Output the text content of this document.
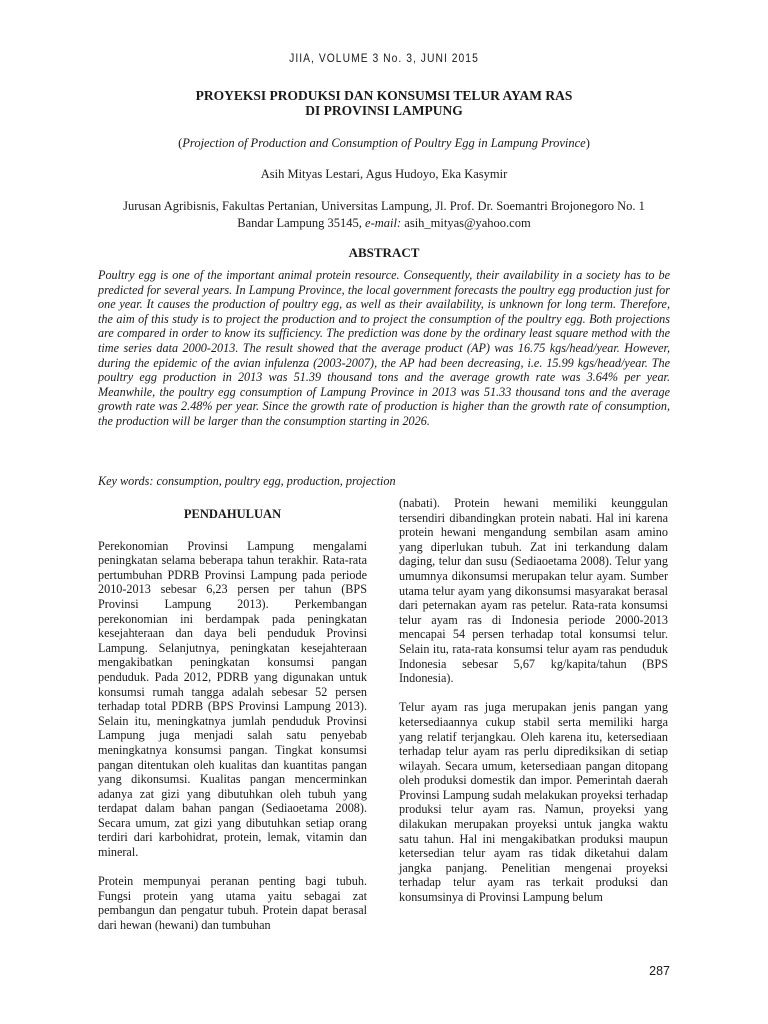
JIIA, VOLUME 3 No. 3, JUNI 2015
PROYEKSI PRODUKSI DAN KONSUMSI TELUR AYAM RAS
DI PROVINSI LAMPUNG

(Projection of Production and Consumption of Poultry Egg in Lampung Province)

Asih Mityas Lestari, Agus Hudoyo, Eka Kasymir

Jurusan Agribisnis, Fakultas Pertanian, Universitas Lampung, Jl. Prof. Dr. Soemantri Brojonegoro No. 1
Bandar Lampung 35145, e-mail: asih_mityas@yahoo.com

ABSTRACT

Poultry egg is one of the important animal protein resource. Consequently, their availability in a society has to be predicted for several years. In Lampung Province, the local government forecasts the poultry egg production just for one year. It causes the production of poultry egg, as well as their availability, is unknown for long term. Therefore, the aim of this study is to project the production and to project the consumption of the poultry egg. Both projections are compared in order to know its sufficiency. The prediction was done by the ordinary least square method with the time series data 2000-2013. The result showed that the average product (AP) was 16.75 kgs/head/year. However, during the epidemic of the avian infulenza (2003-2007), the AP had been decreasing, i.e. 15.99 kgs/head/year. The poultry egg production in 2013 was 51.39 thousand tons and the average growth rate was 3.64% per year. Meanwhile, the poultry egg consumption of Lampung Province in 2013 was 51.33 thousand tons and the average growth rate was 2.48% per year. Since the growth rate of production is higher than the growth rate of consumption, the production will be larger than the consumption starting in 2026.

Key words: consumption, poultry egg, production, projection

PENDAHULUAN

Perekonomian Provinsi Lampung mengalami peningkatan selama beberapa tahun terakhir. Rata-rata pertumbuhan PDRB Provinsi Lampung pada periode 2010-2013 sebesar 6,23 persen per tahun (BPS Provinsi Lampung 2013). Perkembangan perekonomian ini berdampak pada peningkatan kesejahteraan dan daya beli penduduk Provinsi Lampung. Selanjutnya, peningkatan kesejahteraan mengakibatkan peningkatan konsumsi pangan penduduk. Pada 2012, PDRB yang digunakan untuk konsumsi rumah tangga adalah sebesar 52 persen terhadap total PDRB (BPS Provinsi Lampung 2013). Selain itu, meningkatnya jumlah penduduk Provinsi Lampung juga menjadi salah satu penyebab meningkatnya konsumsi pangan. Tingkat konsumsi pangan ditentukan oleh kualitas dan kuantitas pangan yang dikonsumsi. Kualitas pangan mencerminkan adanya zat gizi yang dibutuhkan oleh tubuh yang terdapat dalam bahan pangan (Sediaoetama 2008). Secara umum, zat gizi yang dibutuhkan setiap orang terdiri dari karbohidrat, protein, lemak, vitamin dan mineral.

Protein mempunyai peranan penting bagi tubuh. Fungsi protein yang utama yaitu sebagai zat pembangun dan pengatur tubuh. Protein dapat berasal dari hewan (hewani) dan tumbuhan

(nabati). Protein hewani memiliki keunggulan tersendiri dibandingkan protein nabati. Hal ini karena protein hewani mengandung sembilan asam amino yang diperlukan tubuh. Zat ini terkandung dalam daging, telur dan susu (Sediaoetama 2008). Telur yang umumnya dikonsumsi merupakan telur ayam. Sumber utama telur ayam yang dikonsumsi masyarakat berasal dari peternakan ayam ras petelur. Rata-rata konsumsi telur ayam ras di Indonesia periode 2000-2013 mencapai 54 persen terhadap total konsumsi telur. Selain itu, rata-rata konsumsi telur ayam ras penduduk Indonesia sebesar 5,67 kg/kapita/tahun (BPS Indonesia).

Telur ayam ras juga merupakan jenis pangan yang ketersediaannya cukup stabil serta memiliki harga yang relatif terjangkau. Oleh karena itu, ketersediaan terhadap telur ayam ras perlu diprediksikan di setiap wilayah. Secara umum, ketersediaan pangan ditopang oleh produksi domestik dan impor. Pemerintah daerah Provinsi Lampung sudah melakukan proyeksi terhadap produksi telur ayam ras. Namun, proyeksi yang dilakukan merupakan proyeksi untuk jangka waktu satu tahun. Hal ini mengakibatkan produksi maupun ketersedian telur ayam ras tidak diketahui dalam jangka panjang. Penelitian mengenai proyeksi terhadap telur ayam ras terkait produksi dan konsumsinya di Provinsi Lampung belum

287
